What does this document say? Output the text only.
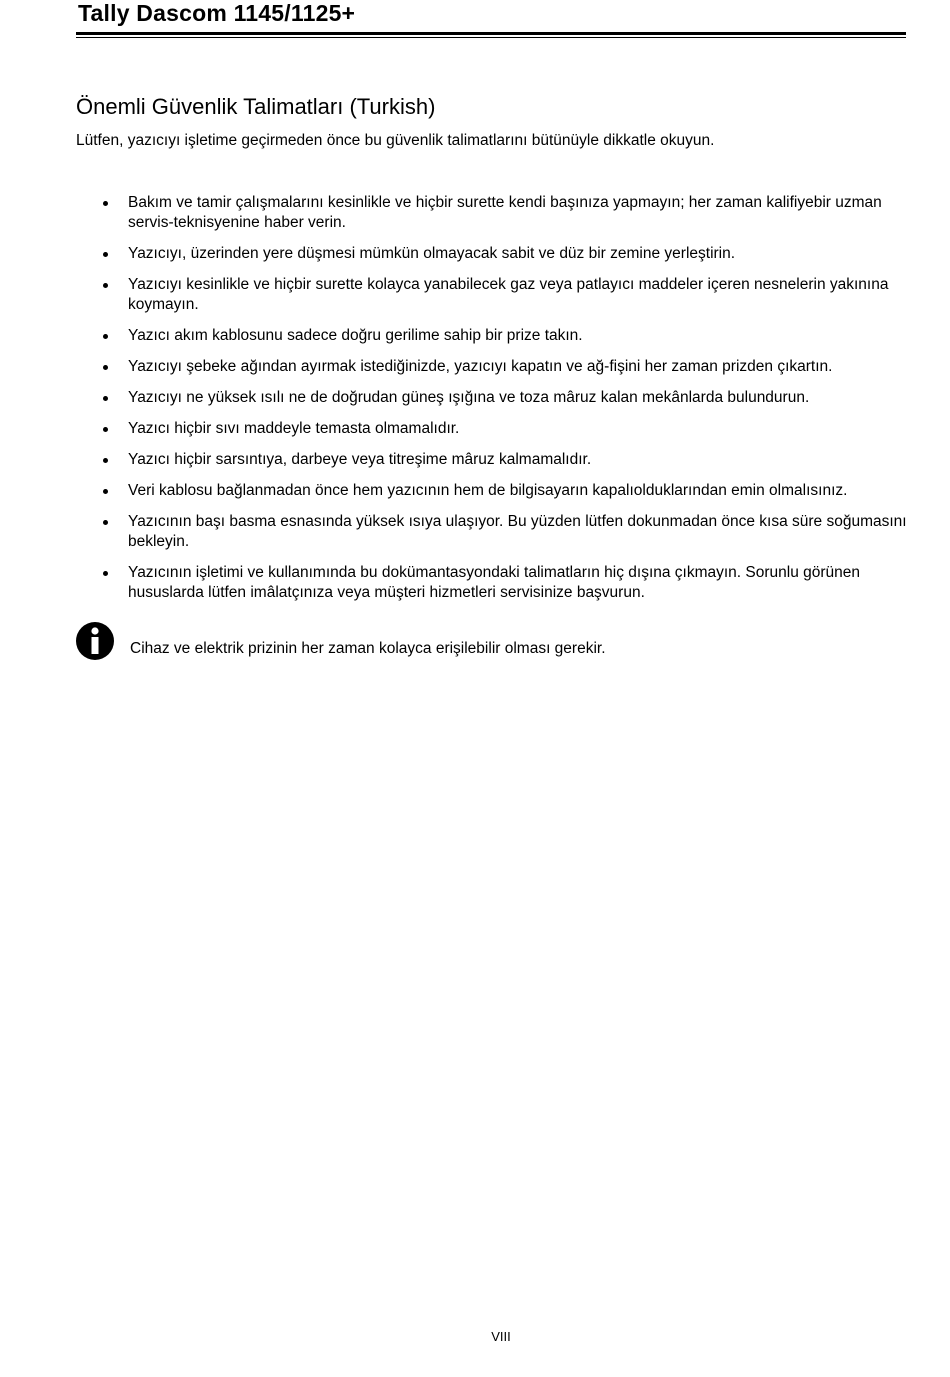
Tally Dascom 1145/1125+
Önemli Güvenlik Talimatları (Turkish)
Lütfen, yazıcıyı işletime geçirmeden önce bu güvenlik talimatlarını bütünüyle dikkatle okuyun.
Bakım ve tamir çalışmalarını kesinlikle ve hiçbir surette kendi başınıza yapmayın; her zaman kalifiyebir uzman servis-teknisyenine haber verin.
Yazıcıyı, üzerinden yere düşmesi mümkün olmayacak sabit ve düz bir zemine yerleştirin.
Yazıcıyı kesinlikle ve hiçbir surette kolayca yanabilecek gaz veya patlayıcı maddeler içeren nesnelerin yakınına koymayın.
Yazıcı akım kablosunu sadece doğru gerilime sahip bir prize takın.
Yazıcıyı şebeke ağından ayırmak istediğinizde, yazıcıyı kapatın ve ağ-fişini her zaman prizden çıkartın.
Yazıcıyı ne yüksek ısılı ne de doğrudan güneş ışığına ve toza mâruz kalan mekânlarda bulundurun.
Yazıcı hiçbir sıvı maddeyle temasta olmamalıdır.
Yazıcı hiçbir sarsıntıya, darbeye veya titreşime mâruz kalmamalıdır.
Veri kablosu bağlanmadan önce hem yazıcının hem de bilgisayarın kapalıolduklarından emin olmalısınız.
Yazıcının başı basma esnasında yüksek ısıya ulaşıyor. Bu yüzden lütfen dokunmadan önce kısa süre soğumasını bekleyin.
Yazıcının işletimi ve kullanımında bu dokümantasyondaki talimatların hiç dışına çıkmayın. Sorunlu görünen hususlarda lütfen imâlatçınıza veya müşteri hizmetleri servisinize başvurun.
Cihaz ve elektrik prizinin her zaman kolayca erişilebilir olması gerekir.
VIII
